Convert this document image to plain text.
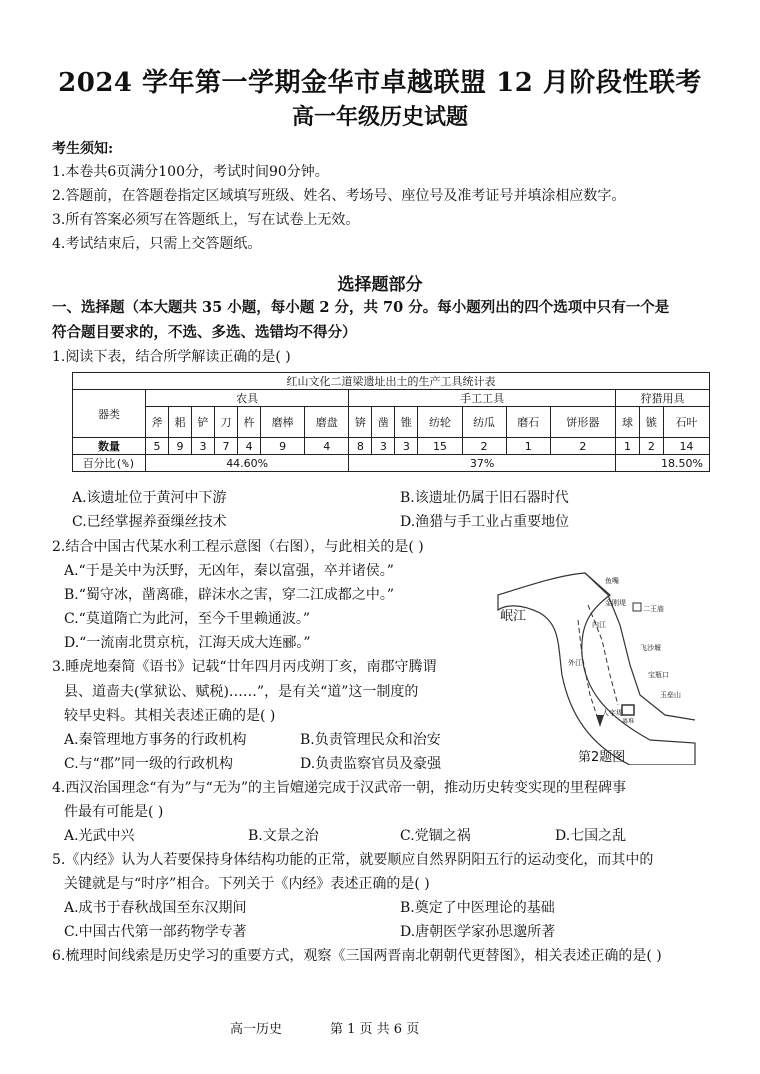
2024 学年第一学期金华市卓越联盟 12 月阶段性联考
高一年级历史试题
考生须知:
1.本卷共6页满分100分，考试时间90分钟。
2.答题前，在答题卷指定区域填写班级、姓名、考场号、座位号及准考证号并填涂相应数字。
3.所有答案必须写在答题纸上，写在试卷上无效。
4.考试结束后，只需上交答题纸。
选择题部分
一、选择题（本大题共 35 小题，每小题 2 分，共 70 分。每小题列出的四个选项中只有一个是
符合题目要求的，不选、多选、选错均不得分）
1.阅读下表，结合所学解读正确的是( )
红山文化二道梁遗址出土的生产工具统计表																	
器类	农具							手工工具							狩猎用具		
	斧	耜	铲	刀	杵	磨棒	磨盘	锛	凿	锥	纺轮	纺瓜	磨石	饼形器	球	镞	石叶
数量	5	9	3	7	4	9	4	8	3	3	15	2	1	2	1	2	14
百分比(%)	44.60%							37%							18.50%		
A.该遗址位于黄河中下游	B.该遗址仍属于旧石器时代
C.已经掌握养蚕缫丝技术	D.渔猎与手工业占重要地位
2.结合中国古代某水利工程示意图（右图），与此相关的是( )
A.“于是关中为沃野，无凶年，秦以富强，卒并诸侯。”
B.“蜀守冰，凿离碓，辟沫水之害，穿二江成都之中。”
C.“莫道隋亡为此河，至今千里赖通波。”
D.“一流南北贯京杭，江海天成大连郦。”
岷江
鱼嘴
金刚堤
二王庙
飞沙堰
宝瓶口
玉垒山
内江
外江
人字堤
离堆
第2题图
3.睡虎地秦简《语书》记载“廿年四月丙戌朔丁亥，南郡守腾谓
县、道啬夫(掌狱讼、赋税)……”，是有关“道”这一制度的
较早史料。其相关表述正确的是( )
A.秦管理地方事务的行政机构	B.负责管理民众和治安
C.与“郡”同一级的行政机构	D.负责监察官员及豪强
4.西汉治国理念“有为”与“无为”的主旨嬗递完成于汉武帝一朝，推动历史转变实现的里程碑事
件最有可能是( )
A.光武中兴	B.文景之治	C.党锢之祸	D.七国之乱
5.《内经》认为人若要保持身体结构功能的正常，就要顺应自然界阴阳五行的运动变化，而其中的
关键就是与“时序”相合。下列关于《内经》表述正确的是( )
A.成书于春秋战国至东汉期间	B.奠定了中医理论的基础
C.中国古代第一部药物学专著	D.唐朝医学家孙思邈所著
6.梳理时间线索是历史学习的重要方式，观察《三国两晋南北朝朝代更替图》，相关表述正确的是( )
高一历史	第 1 页 共 6 页
